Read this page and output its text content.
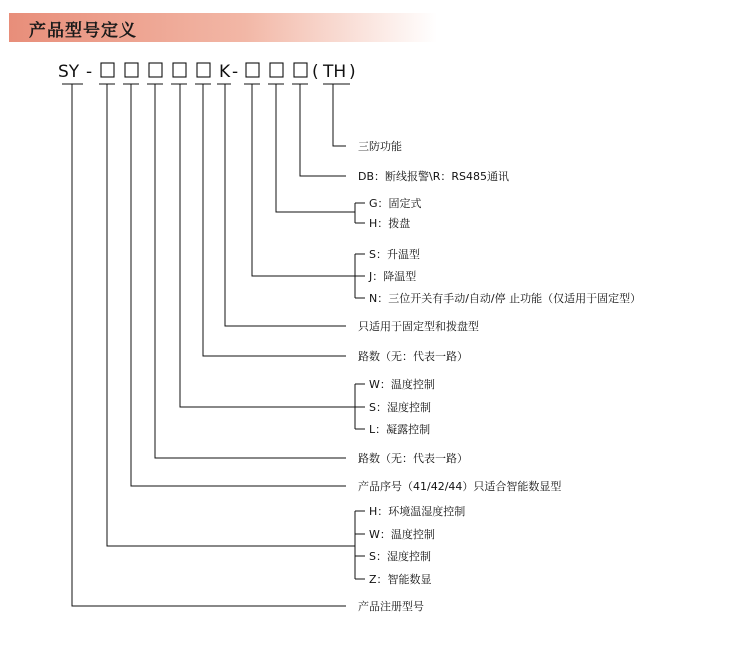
产品型号定义
SY -	K -	( TH )
三防功能
DB：断线报警\R：RS485通讯
G：固定式
H：拨盘
S：升温型
J：降温型
N：三位开关有手动/自动/停 止功能（仅适用于固定型）
只适用于固定型和拨盘型
路数（无：代表一路）
W：温度控制
S：湿度控制
L：凝露控制
路数（无：代表一路）
产品序号（41/42/44）只适合智能数显型
H：环境温湿度控制
W：温度控制
S：湿度控制
Z：智能数显
产品注册型号
